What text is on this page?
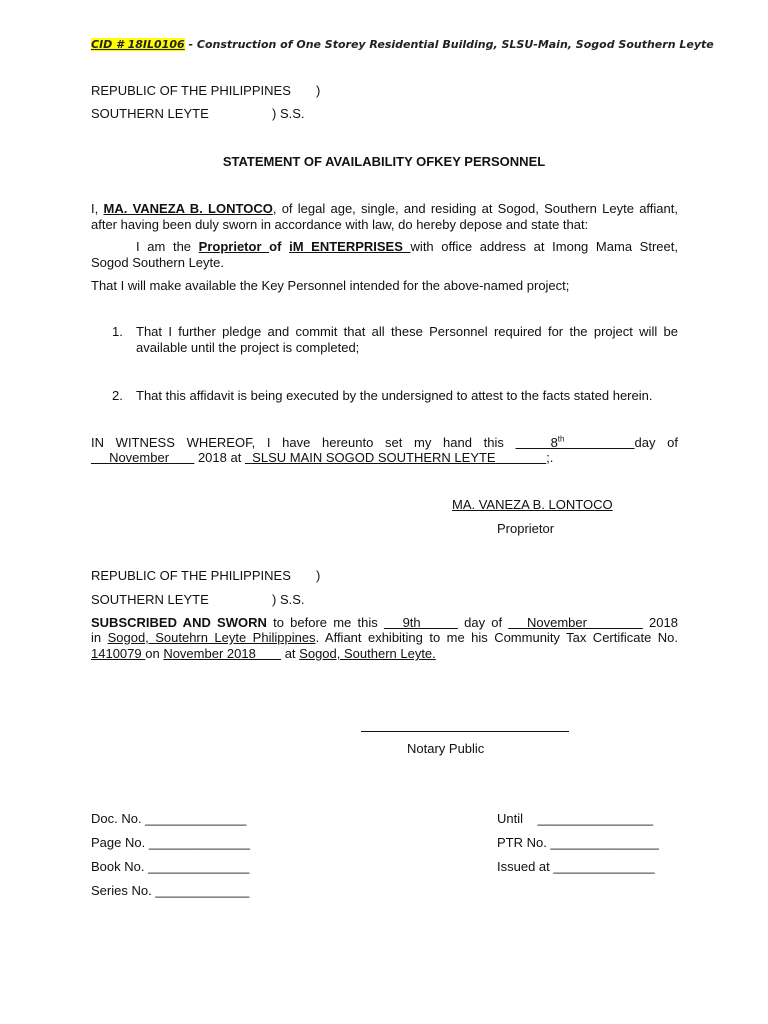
CID # 18IL0106 - Construction of One Storey Residential Building, SLSU-Main, Sogod Southern Leyte
REPUBLIC OF THE PHILIPPINES )
SOUTHERN LEYTE	) S.S.
STATEMENT OF AVAILABILITY OFKEY PERSONNEL
I, MA. VANEZA B. LONTOCO, of legal age, single, and residing at Sogod, Southern Leyte affiant,
after having been duly sworn in accordance with law, do hereby depose and state that:
I am the Proprietor of iM ENTERPRISES with office address at Imong Mama Street,
Sogod Southern Leyte.
That I will make available the Key Personnel intended for the above-named project;
1. That I further pledge and commit that all these Personnel required for the project will be available until the project is completed;
2. That this affidavit is being executed by the undersigned to attest to the facts stated herein.
IN WITNESS WHEREOF, I have hereunto set my hand this	8th	day of
November        2018 at   SLSU MAIN SOGOD SOUTHERN LEYTE	;.
MA. VANEZA B. LONTOCO
Proprietor
REPUBLIC OF THE PHILIPPINES )
SOUTHERN LEYTE	) S.S.
SUBSCRIBED AND SWORN to before me this    9th       day of    November          2018
in Sogod, Soutehrn Leyte Philippines. Affiant exhibiting to me his Community Tax Certificate No.
1410079 on November 2018        at Sogod, Southern Leyte.
Notary Public
Doc. No. ______________
Page No. ______________
Book No. ______________
Series No. _____________
Until    ________________
PTR No. _______________
Issued at ______________
